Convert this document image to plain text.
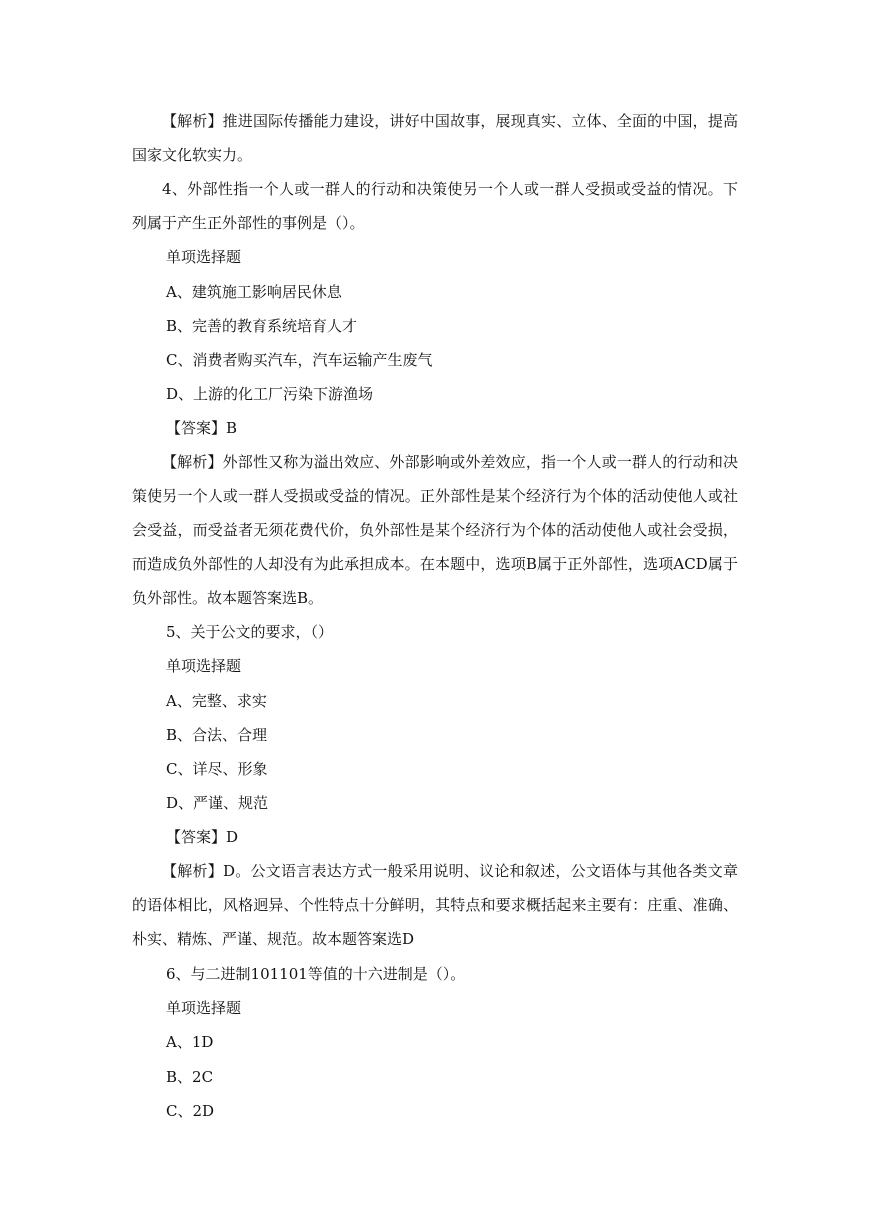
【解析】推进国际传播能力建设，讲好中国故事，展现真实、立体、全面的中国，提高国家文化软实力。

4、外部性指一个人或一群人的行动和决策使另一个人或一群人受损或受益的情况。下列属于产生正外部性的事例是（）。

单项选择题

A、建筑施工影响居民休息

B、完善的教育系统培育人才

C、消费者购买汽车，汽车运输产生废气

D、上游的化工厂污染下游渔场

【答案】B

【解析】外部性又称为溢出效应、外部影响或外差效应，指一个人或一群人的行动和决策使另一个人或一群人受损或受益的情况。正外部性是某个经济行为个体的活动使他人或社会受益，而受益者无须花费代价，负外部性是某个经济行为个体的活动使他人或社会受损，而造成负外部性的人却没有为此承担成本。在本题中，选项B属于正外部性，选项ACD属于负外部性。故本题答案选B。

5、关于公文的要求，（）

单项选择题

A、完整、求实

B、合法、合理

C、详尽、形象

D、严谨、规范

【答案】D

【解析】D。公文语言表达方式一般采用说明、议论和叙述，公文语体与其他各类文章的语体相比，风格迥异、个性特点十分鲜明，其特点和要求概括起来主要有：庄重、准确、朴实、精炼、严谨、规范。故本题答案选D

6、与二进制101101等值的十六进制是（）。

单项选择题

A、1D

B、2C

C、2D
